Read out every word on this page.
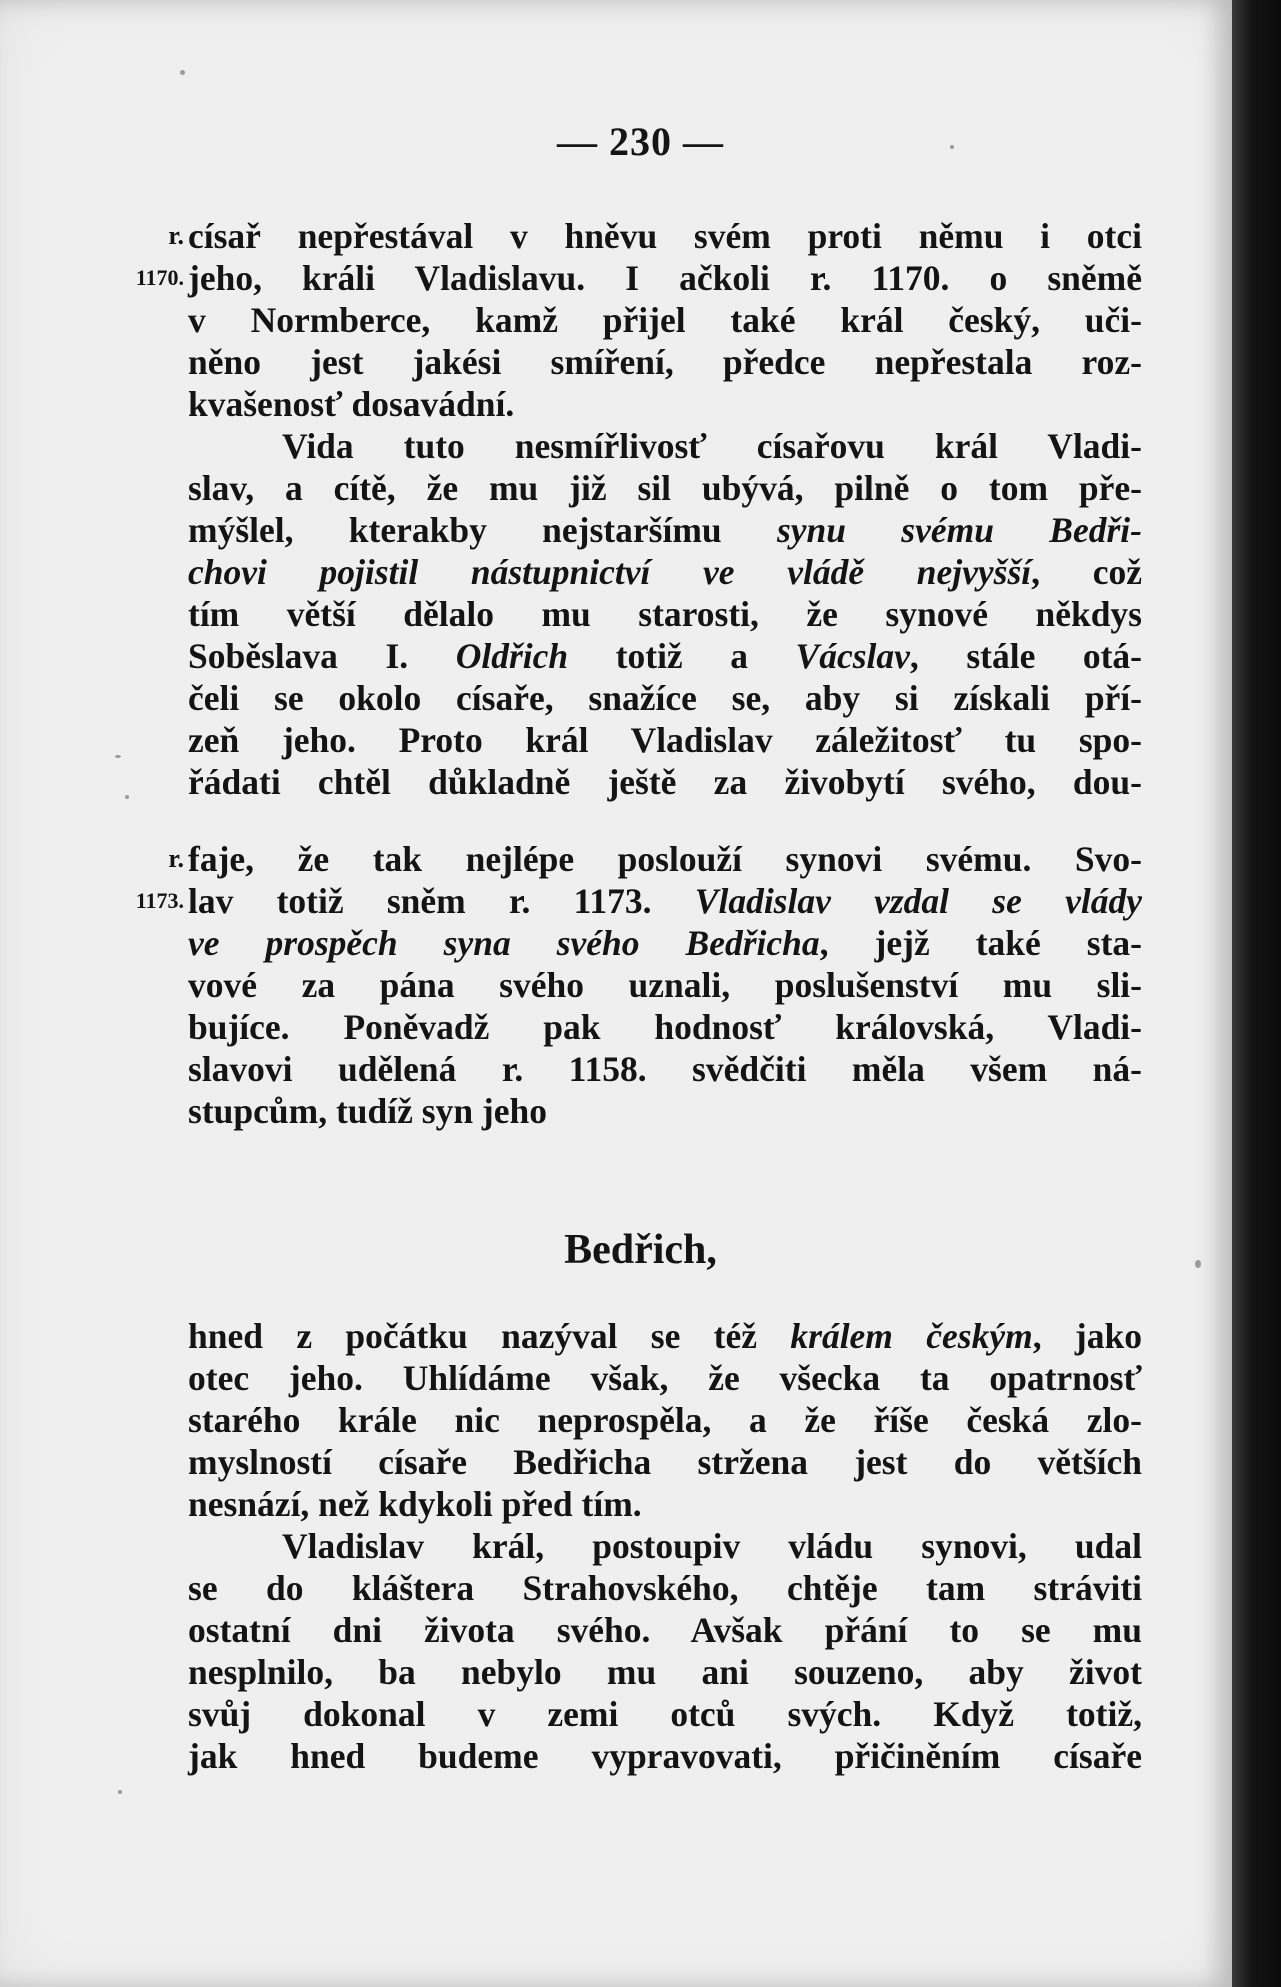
— 230 —
r.
1170.
r.
1173.
císař nepřestával v hněvu svém proti němu i otci
jeho, králi Vladislavu. I ačkoli r. 1170. o sněmě
v Normberce, kamž přijel také král český, uči-
něno jest jakési smíření, předce nepřestala roz-
kvašenosť dosavádní.
Vida tuto nesmířlivosť císařovu král Vladi-
slav, a cítě, že mu již sil ubývá, pilně o tom pře-
mýšlel, kterakby nejstaršímu synu svému Bedři-
chovi pojistil nástupnictví ve vládě nejvyšší, což
tím větší dělalo mu starosti, že synové někdys
Soběslava I. Oldřich totiž a Vácslav, stále otá-
čeli se okolo císaře, snažíce se, aby si získali pří-
zeň jeho. Proto král Vladislav záležitosť tu spo-
řádati chtěl důkladně ještě za živobytí svého, dou-
faje, že tak nejlépe poslouží synovi svému. Svo-
lav totiž sněm r. 1173. Vladislav vzdal se vlády
ve prospěch syna svého Bedřicha, jejž také sta-
vové za pána svého uznali, poslušenství mu sli-
bujíce. Poněvadž pak hodnosť královská, Vladi-
slavovi udělená r. 1158. svědčiti měla všem ná-
stupcům, tudíž syn jeho
Bedřich,
hned z počátku nazýval se též králem českým, jako
otec jeho. Uhlídáme však, že všecka ta opatrnosť
starého krále nic neprospěla, a že říše česká zlo-
myslností císaře Bedřicha stržena jest do větších
nesnází, než kdykoli před tím.
Vladislav král, postoupiv vládu synovi, udal
se do kláštera Strahovského, chtěje tam stráviti
ostatní dni života svého. Avšak přání to se mu
nesplnilo, ba nebylo mu ani souzeno, aby život
svůj dokonal v zemi otců svých. Když totiž,
jak hned budeme vypravovati, přičiněním císaře
